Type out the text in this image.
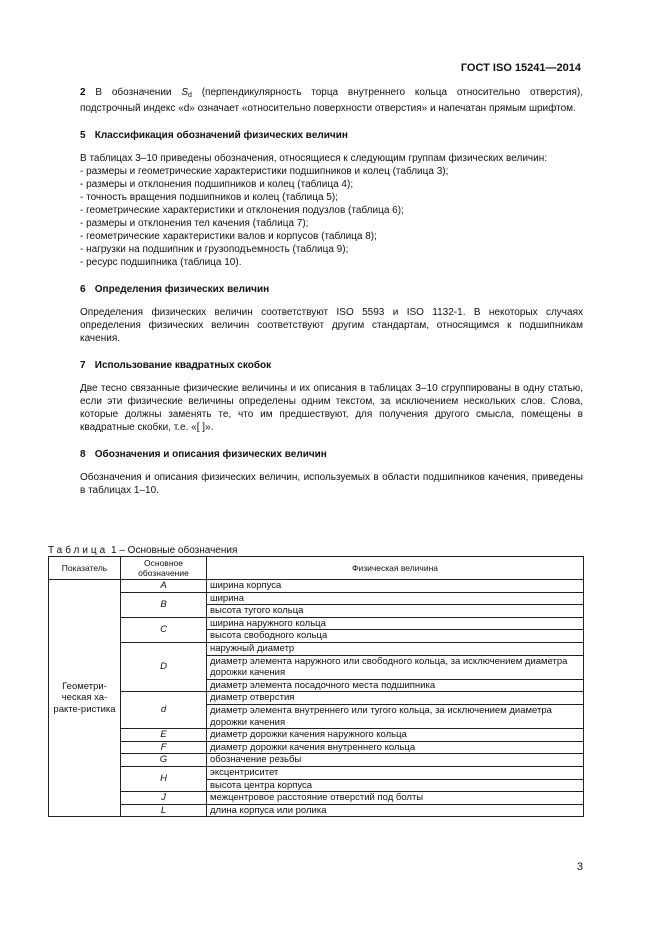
ГОСТ ISO 15241—2014

2 В обозначении $S_d$ (перпендикулярность торца внутреннего кольца относительно отверстия), подстрочный индекс «d» означает «относительно поверхности отверстия» и напечатан прямым шрифтом.

5 Классификация обозначений физических величин

В таблицах 3–10 приведены обозначения, относящиеся к следующим группам физических величин:

- размеры и геометрические характеристики подшипников и колец (таблица 3);
- размеры и отклонения подшипников и колец (таблица 4);
- точность вращения подшипников и колец (таблица 5);
- геометрические характеристики и отклонения подузлов (таблица 6);
- размеры и отклонения тел качения (таблица 7);
- геометрические характеристики валов и корпусов (таблица 8);
- нагрузки на подшипник и грузоподъемность (таблица 9);
- ресурс подшипника (таблица 10).
6 Определения физических величин

Определения физических величин соответствуют ISO 5593 и ISO 1132-1. В некоторых случаях определения физических величин соответствуют другим стандартам, относящимся к подшипникам качения.

7 Использование квадратных скобок

Две тесно связанные физические величины и их описания в таблицах 3–10 сгруппированы в одну статью, если эти физические величины определены одним текстом, за исключением нескольких слов. Слова, которые должны заменять те, что им предшествуют, для получения другого смысла, помещены в квадратные скобки, т.е. «[ ]».

8 Обозначения и описания физических величин

Обозначения и описания физических величин, используемых в области подшипников качения, приведены в таблицах 1–10.

Таблица 1 – Основные обозначения
Показатель	Основное обозначение	Физическая величина
Геометри-ческая ха-ракте-ристика	A	ширина корпуса
	B	ширина
		высота тугого кольца
	C	ширина наружного кольца
		высота свободного кольца
	D	наружный диаметр
		диаметр элемента наружного или свободного кольца, за исключением диаметра дорожки качения
		диаметр элемента посадочного места подшипника
	d	диаметр отверстия
		диаметр элемента внутреннего или тугого кольца, за исключением диаметра дорожки качения
	E	диаметр дорожки качения наружного кольца
	F	диаметр дорожки качения внутреннего кольца
	G	обозначение резьбы
	H	эксцентриситет
		высота центра корпуса
	J	межцентровое расстояние отверстий под болты
	L	длина корпуса или ролика
3
